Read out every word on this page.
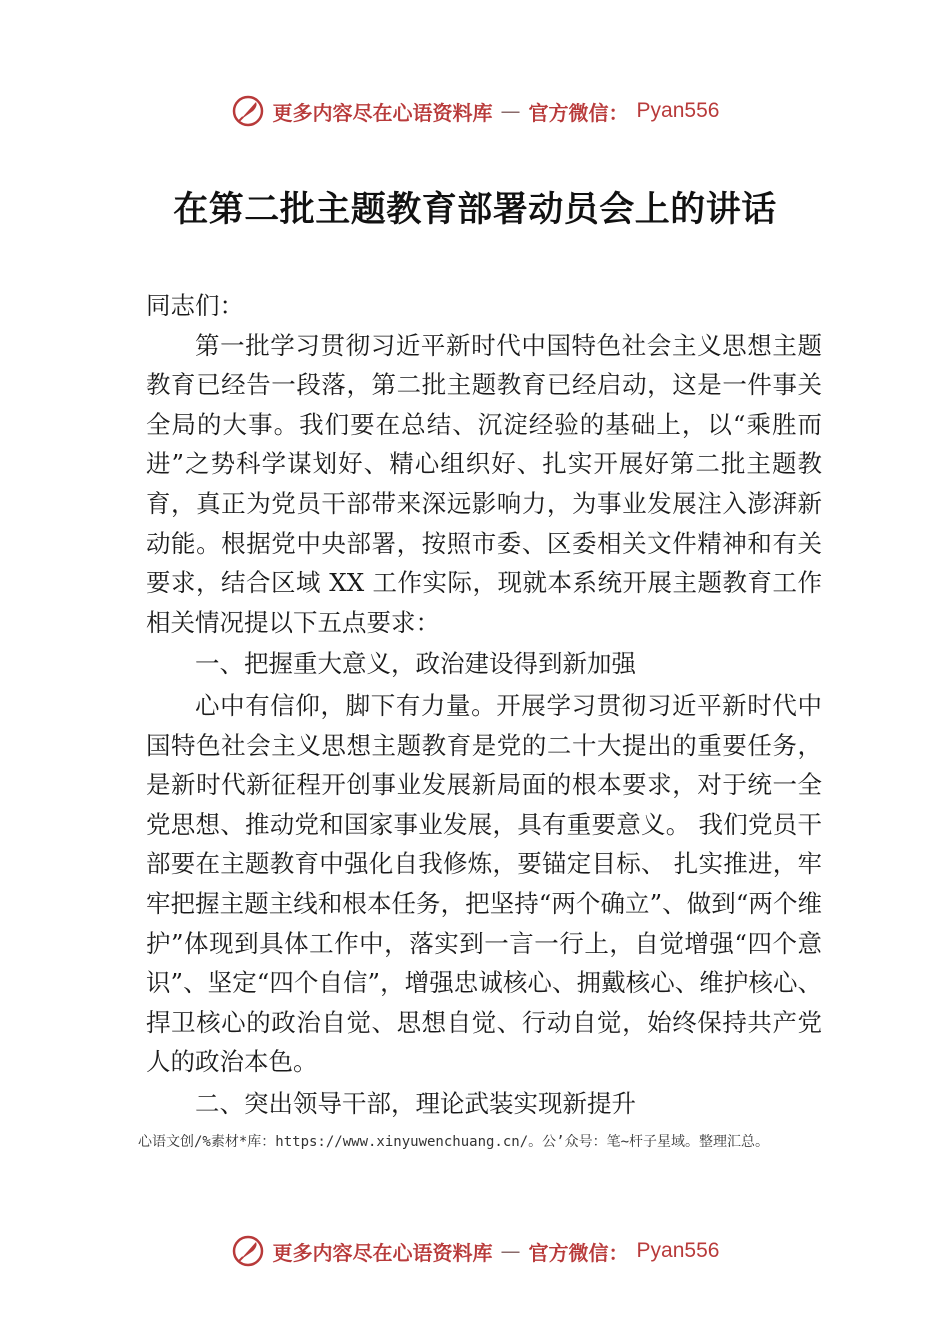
更多内容尽在心语资料库 — 官方微信： Pyan556
在第二批主题教育部署动员会上的讲话

同志们：

第一批学习贯彻习近平新时代中国特色社会主义思想主题教育已经告一段落，第二批主题教育已经启动，这是一件事关全局的大事。我们要在总结、沉淀经验的基础上，以“乘胜而进”之势科学谋划好、精心组织好、扎实开展好第二批主题教育，真正为党员干部带来深远影响力，为事业发展注入澎湃新动能。根据党中央部署，按照市委、区委相关文件精神和有关要求，结合区域 XX 工作实际，现就本系统开展主题教育工作相关情况提以下五点要求：

一、把握重大意义，政治建设得到新加强

心中有信仰，脚下有力量。开展学习贯彻习近平新时代中国特色社会主义思想主题教育是党的二十大提出的重要任务，是新时代新征程开创事业发展新局面的根本要求，对于统一全党思想、推动党和国家事业发展，具有重要意义。 我们党员干部要在主题教育中强化自我修炼，要锚定目标、 扎实推进，牢牢把握主题主线和根本任务，把坚持“两个确立”、做到“两个维护”体现到具体工作中，落实到一言一行上，自觉增强“四个意识”、坚定“四个自信”，增强忠诚核心、拥戴核心、维护核心、捍卫核心的政治自觉、思想自觉、行动自觉，始终保持共产党人的政治本色。

二、突出领导干部，理论武装实现新提升

心语文创/%素材*库：https://www.xinyuwenchuang.cn/。公’众号：笔~杆子星域。整理汇总。
更多内容尽在心语资料库 — 官方微信： Pyan556
